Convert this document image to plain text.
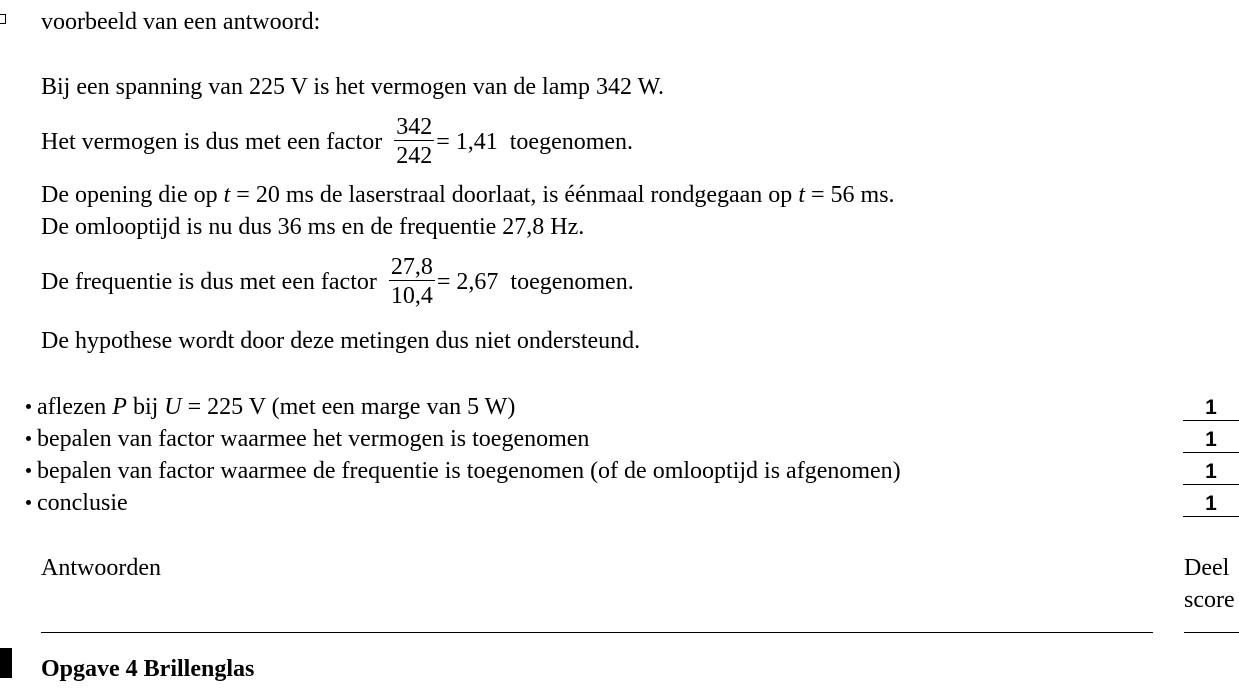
voorbeeld van een antwoord:
Bij een spanning van 225 V is het vermogen van de lamp 342 W.
Het vermogen is dus met een factor $\frac{342}{242} = 1,41$ toegenomen.
De opening die op t = 20 ms de laserstraal doorlaat, is éénmaal rondgegaan op t = 56 ms.
De omlooptijd is nu dus 36 ms en de frequentie 27,8 Hz.
De frequentie is dus met een factor $\frac{27,8}{10,4} = 2,67$ toegenomen.
De hypothese wordt door deze metingen dus niet ondersteund.
aflezen P bij U = 225 V (met een marge van 5 W)
bepalen van factor waarmee het vermogen is toegenomen
bepalen van factor waarmee de frequentie is toegenomen (of de omlooptijd is afgenomen)
conclusie
1
1
1
1
Antwoorden	Deel
score
Opgave 4 Brillenglas
